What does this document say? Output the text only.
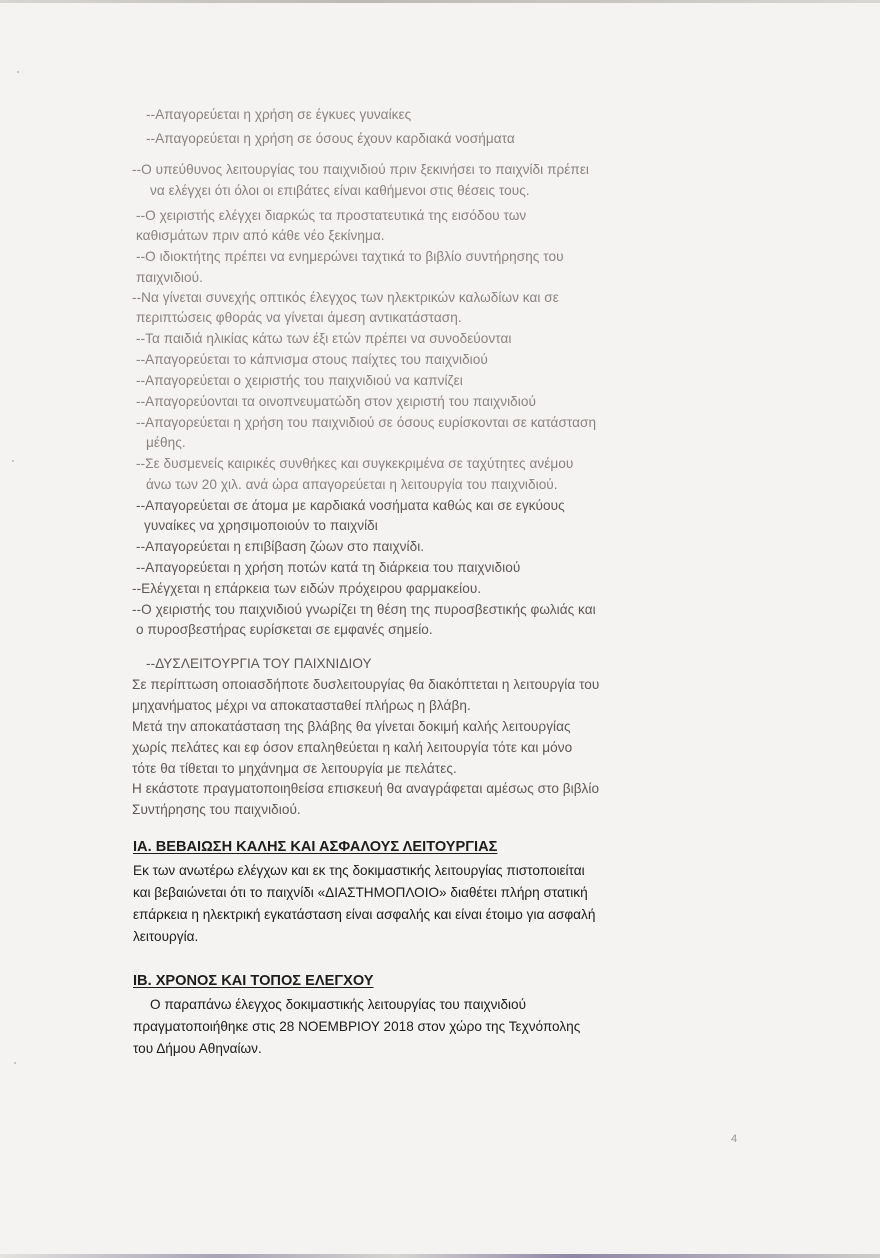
--Απαγορεύεται η χρήση σε έγκυες γυναίκες
--Απαγορεύεται η χρήση σε όσους έχουν καρδιακά νοσήματα
--Ο υπεύθυνος λειτουργίας του παιχνιδιού πριν ξεκινήσει το παιχνίδι πρέπει
να ελέγχει ότι όλοι οι επιβάτες είναι καθήμενοι στις θέσεις τους.
--Ο χειριστής ελέγχει διαρκώς τα προστατευτικά της εισόδου των
καθισμάτων πριν από κάθε νέο ξεκίνημα.
--Ο ιδιοκτήτης πρέπει να ενημερώνει ταχτικά το βιβλίο συντήρησης του
παιχνιδιού.
--Να γίνεται συνεχής οπτικός έλεγχος των ηλεκτρικών καλωδίων και σε
περιπτώσεις φθοράς να γίνεται άμεση αντικατάσταση.
--Τα παιδιά ηλικίας κάτω των έξι ετών πρέπει να συνοδεύονται
--Απαγορεύεται το κάπνισμα στους παίχτες του παιχνιδιού
--Απαγορεύεται ο χειριστής του παιχνιδιού να καπνίζει
--Απαγορεύονται τα οινοπνευματώδη στον χειριστή του παιχνιδιού
--Απαγορεύεται η χρήση του παιχνιδιού σε όσους ευρίσκονται σε κατάσταση
μέθης.
--Σε δυσμενείς καιρικές συνθήκες και συγκεκριμένα σε ταχύτητες ανέμου
άνω των 20 χιλ. ανά ώρα απαγορεύεται η λειτουργία του παιχνιδιού.
--Απαγορεύεται σε άτομα με καρδιακά νοσήματα καθώς και σε εγκύους
γυναίκες να χρησιμοποιούν το παιχνίδι
--Απαγορεύεται η επιβίβαση ζώων στο παιχνίδι.
--Απαγορεύεται η χρήση ποτών κατά τη διάρκεια του παιχνιδιού
--Ελέγχεται η επάρκεια των ειδών πρόχειρου φαρμακείου.
--Ο χειριστής του παιχνιδιού γνωρίζει τη θέση της πυροσβεστικής φωλιάς και
ο πυροσβεστήρας ευρίσκεται σε εμφανές σημείο.
--ΔΥΣΛΕΙΤΟΥΡΓΙΑ ΤΟΥ ΠΑΙΧΝΙΔΙΟΥ
Σε περίπτωση οποιασδήποτε δυσλειτουργίας θα διακόπτεται η λειτουργία του
μηχανήματος μέχρι να αποκατασταθεί πλήρως η βλάβη.
Μετά την αποκατάσταση της βλάβης θα γίνεται δοκιμή καλής λειτουργίας
χωρίς πελάτες και εφ όσον επαληθεύεται η καλή λειτουργία τότε και μόνο
τότε θα τίθεται το μηχάνημα σε λειτουργία με πελάτες.
Η εκάστοτε πραγματοποιηθείσα επισκευή θα αναγράφεται αμέσως στο βιβλίο
Συντήρησης του παιχνιδιού.
ΙΑ. ΒΕΒΑΙΩΣΗ ΚΑΛΗΣ ΚΑΙ ΑΣΦΑΛΟΥΣ ΛΕΙΤΟΥΡΓΙΑΣ
Εκ των ανωτέρω ελέγχων και εκ της δοκιμαστικής λειτουργίας πιστοποιείται
και βεβαιώνεται ότι το παιχνίδι «ΔΙΑΣΤΗΜΟΠΛΟΙΟ» διαθέτει πλήρη στατική
επάρκεια η ηλεκτρική εγκατάσταση είναι ασφαλής και είναι έτοιμο για ασφαλή
λειτουργία.
ΙΒ. ΧΡΟΝΟΣ ΚΑΙ ΤΟΠΟΣ ΕΛΕΓΧΟΥ
Ο παραπάνω έλεγχος δοκιμαστικής λειτουργίας του παιχνιδιού
πραγματοποιήθηκε στις 28 ΝΟΕΜΒΡΙΟΥ 2018 στον χώρο της Τεχνόπολης
του Δήμου Αθηναίων.
4
